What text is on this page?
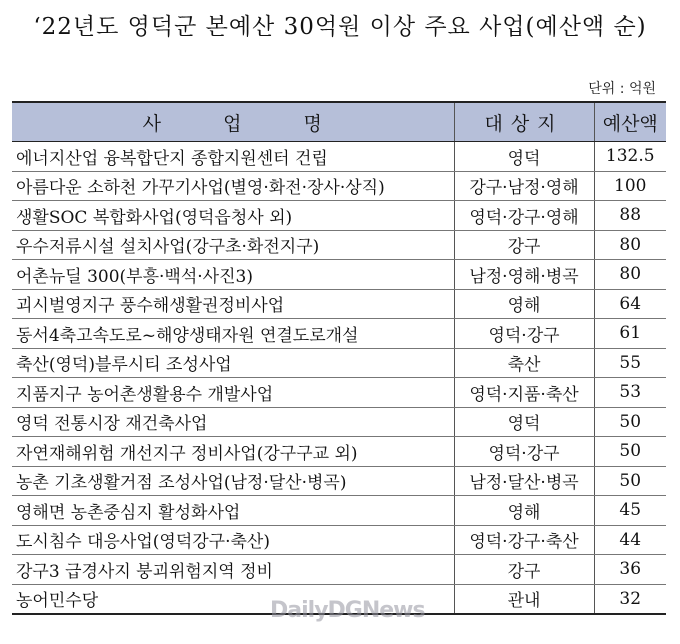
‘22년도 영덕군 본예산 30억원 이상 주요 사업(예산액 순)
단위 : 억원
사 업 명	대상지	예산액
에너지산업 융복합단지 종합지원센터 건립	영덕	132.5
아름다운 소하천 가꾸기사업(별영·화전·장사·상직)	강구·남정·영해	100
생활SOC 복합화사업(영덕읍청사 외)	영덕·강구·영해	88
우수저류시설 설치사업(강구초·화전지구)	강구	80
어촌뉴딜 300(부흥·백석·사진3)	남정·영해·병곡	80
괴시벌영지구 풍수해생활권정비사업	영해	64
동서4축고속도로~해양생태자원 연결도로개설	영덕·강구	61
축산(영덕)블루시티 조성사업	축산	55
지품지구 농어촌생활용수 개발사업	영덕·지품·축산	53
영덕 전통시장 재건축사업	영덕	50
자연재해위험 개선지구 정비사업(강구구교 외)	영덕·강구	50
농촌 기초생활거점 조성사업(남정·달산·병곡)	남정·달산·병곡	50
영해면 농촌중심지 활성화사업	영해	45
도시침수 대응사업(영덕강구·축산)	영덕·강구·축산	44
강구3 급경사지 붕괴위험지역 정비	강구	36
농어민수당	관내	32
DailyDGNews
